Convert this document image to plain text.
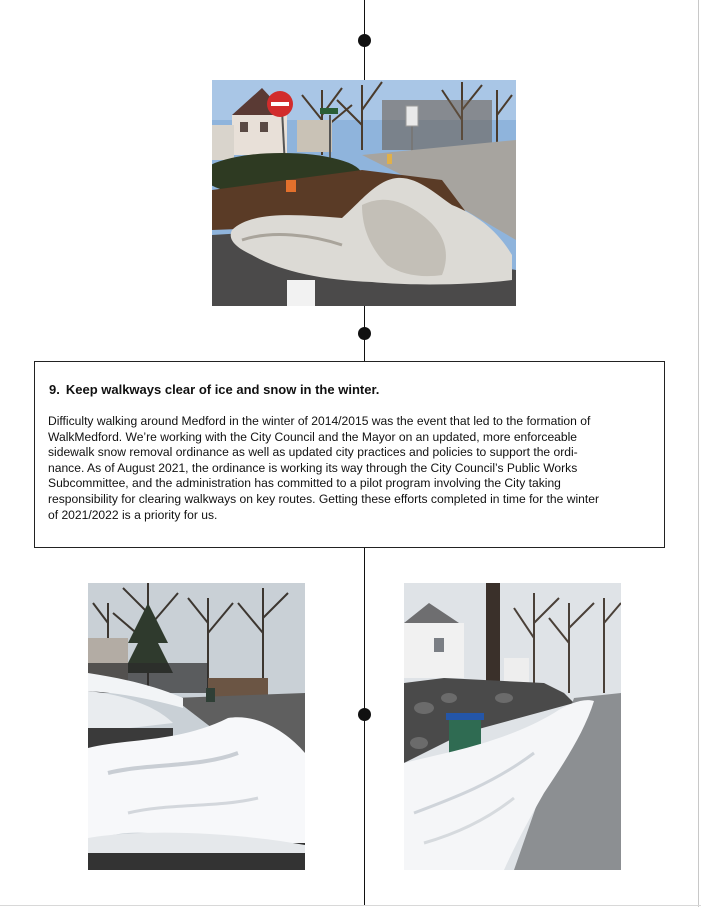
9. Keep walkways clear of ice and snow in the winter.
Difficulty walking around Medford in the winter of 2014/2015 was the event that led to the formation of
WalkMedford. We’re working with the City Council and the Mayor on an updated, more enforceable
sidewalk snow removal ordinance as well as updated city practices and policies to support the ordi-
nance. As of August 2021, the ordinance is working its way through the City Council’s Public Works
Subcommittee, and the administration has committed to a pilot program involving the City taking
responsibility for clearing walkways on key routes. Getting these efforts completed in time for the winter
of 2021/2022 is a priority for us.
